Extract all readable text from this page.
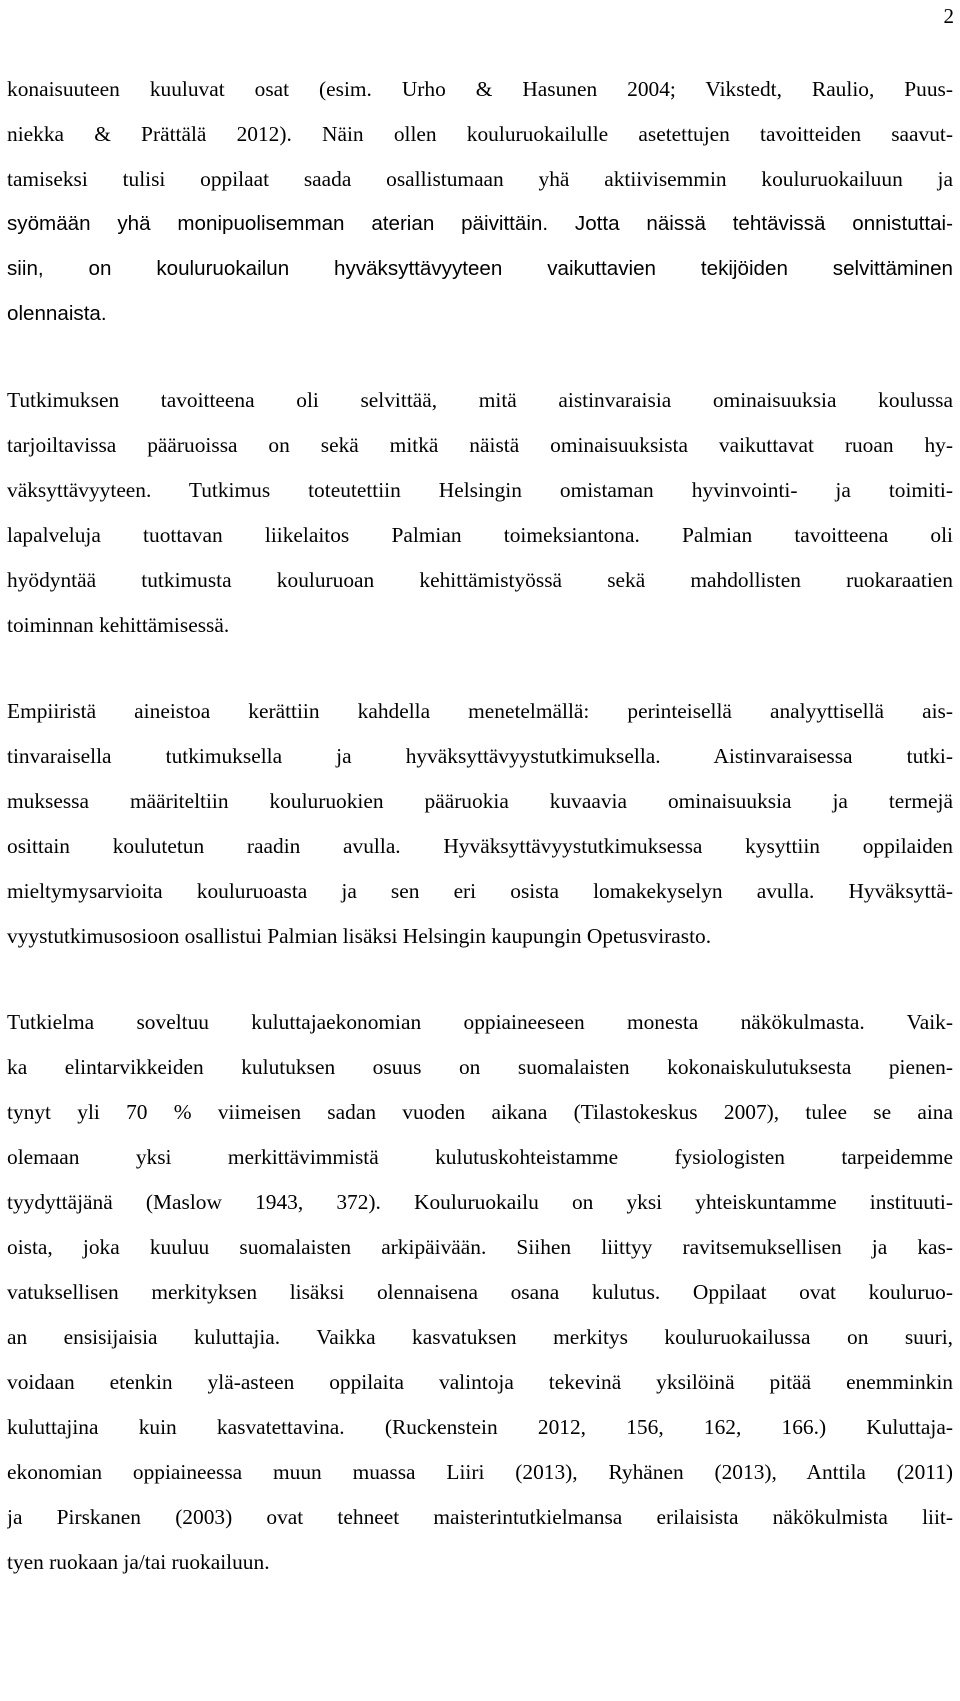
2
konaisuuteen kuuluvat osat (esim. Urho & Hasunen 2004; Vikstedt, Raulio, Puus-
niekka & Prättälä 2012). Näin ollen kouluruokailulle asetettujen tavoitteiden saavut-
tamiseksi tulisi oppilaat saada osallistumaan yhä aktiivisemmin kouluruokailuun ja
syömään yhä monipuolisemman aterian päivittäin. Jotta näissä tehtävissä onnistuttai-
siin, on kouluruokailun hyväksyttävyyteen vaikuttavien tekijöiden selvittäminen
olennaista.
Tutkimuksen tavoitteena oli selvittää, mitä aistinvaraisia ominaisuuksia koulussa
tarjoiltavissa pääruoissa on sekä mitkä näistä ominaisuuksista vaikuttavat ruoan hy-
väksyttävyyteen. Tutkimus toteutettiin Helsingin omistaman hyvinvointi- ja toimiti-
lapalveluja tuottavan liikelaitos Palmian toimeksiantona. Palmian tavoitteena oli
hyödyntää tutkimusta kouluruoan kehittämistyössä sekä mahdollisten ruokaraatien
toiminnan kehittämisessä.
Empiiristä aineistoa kerättiin kahdella menetelmällä: perinteisellä analyyttisellä ais-
tinvaraisella tutkimuksella ja hyväksyttävyystutkimuksella. Aistinvaraisessa tutki-
muksessa määriteltiin kouluruokien pääruokia kuvaavia ominaisuuksia ja termejä
osittain koulutetun raadin avulla. Hyväksyttävyystutkimuksessa kysyttiin oppilaiden
mieltymysarvioita kouluruoasta ja sen eri osista lomakekyselyn avulla. Hyväksyttä-
vyystutkimusosioon osallistui Palmian lisäksi Helsingin kaupungin Opetusvirasto.
Tutkielma soveltuu kuluttajaekonomian oppiaineeseen monesta näkökulmasta. Vaik-
ka elintarvikkeiden kulutuksen osuus on suomalaisten kokonaiskulutuksesta pienen-
tynyt yli 70 % viimeisen sadan vuoden aikana (Tilastokeskus 2007), tulee se aina
olemaan yksi merkittävimmistä kulutuskohteistamme fysiologisten tarpeidemme
tyydyttäjänä (Maslow 1943, 372). Kouluruokailu on yksi yhteiskuntamme instituuti-
oista, joka kuuluu suomalaisten arkipäivään. Siihen liittyy ravitsemuksellisen ja kas-
vatuksellisen merkityksen lisäksi olennaisena osana kulutus. Oppilaat ovat kouluruo-
an ensisijaisia kuluttajia. Vaikka kasvatuksen merkitys kouluruokailussa on suuri,
voidaan etenkin ylä-asteen oppilaita valintoja tekevinä yksilöinä pitää enemminkin
kuluttajina kuin kasvatettavina. (Ruckenstein 2012, 156, 162, 166.) Kuluttaja-
ekonomian oppiaineessa muun muassa Liiri (2013), Ryhänen (2013), Anttila (2011)
ja Pirskanen (2003) ovat tehneet maisterintutkielmansa erilaisista näkökulmista liit-
tyen ruokaan ja/tai ruokailuun.
